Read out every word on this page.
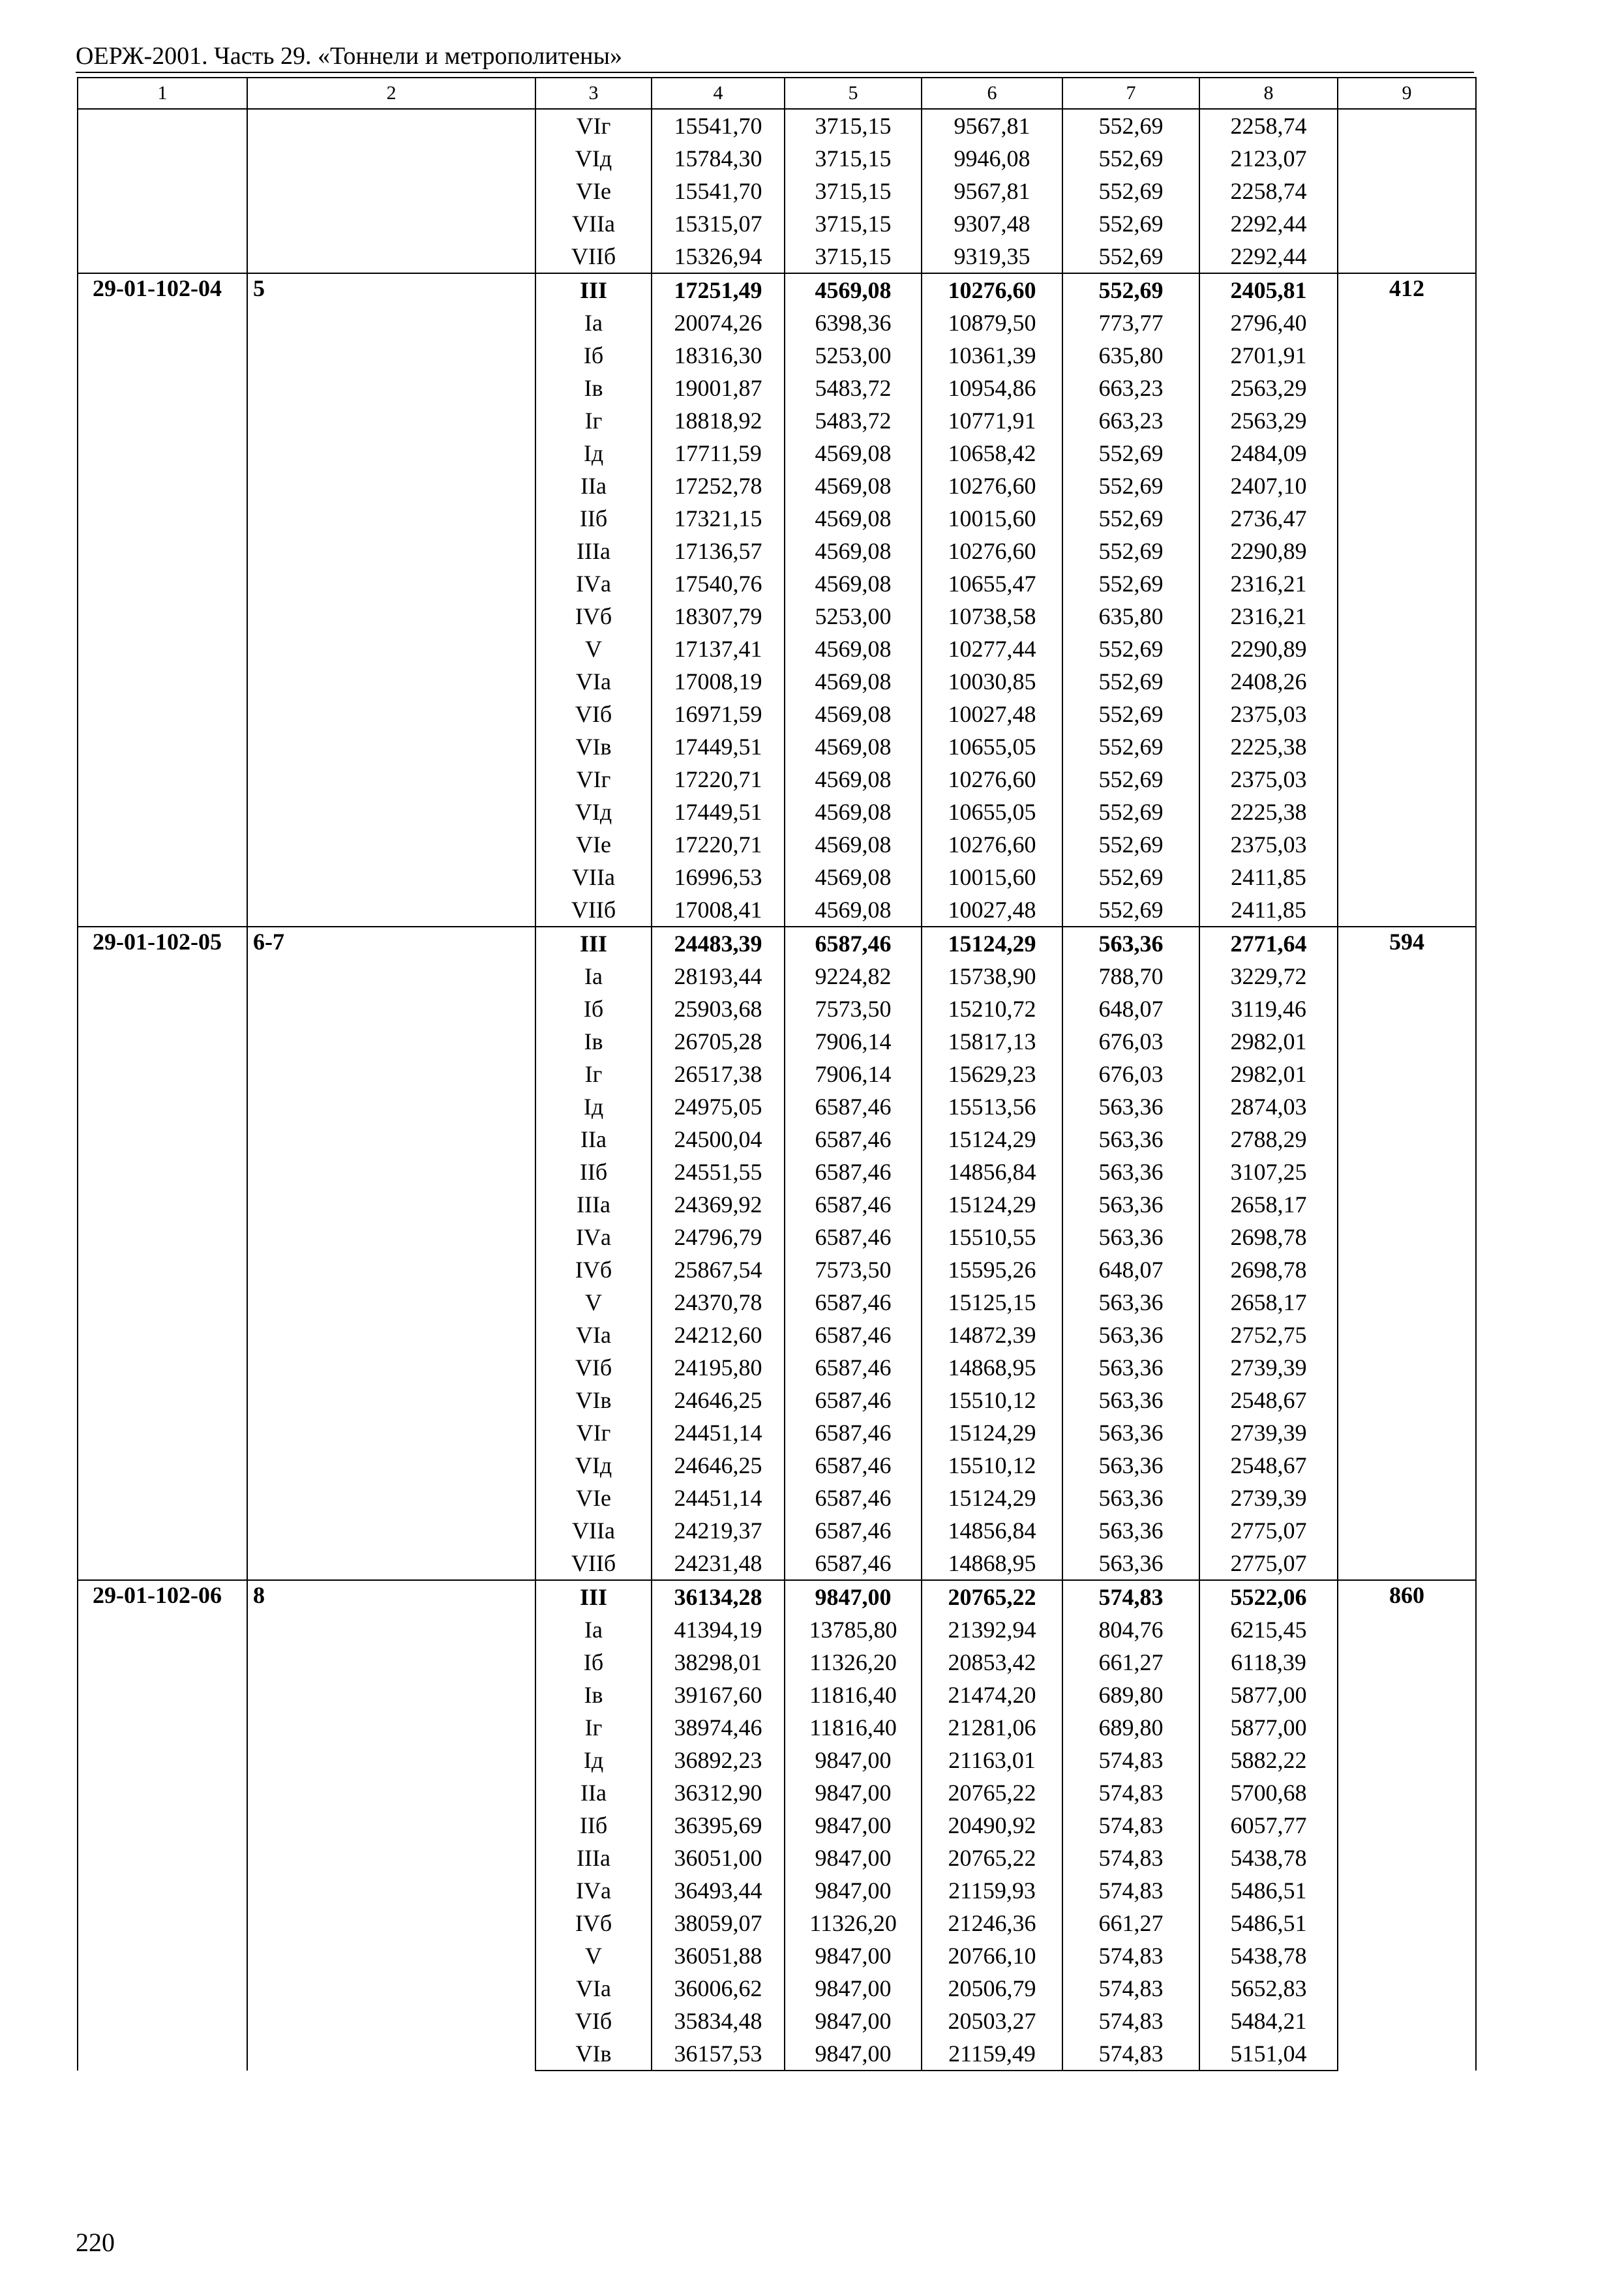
ОЕРЖ-2001. Часть 29. «Тоннели и метрополитены»
1	2	3	4	5	6	7	8	9
		VIг	15541,70	3715,15	9567,81	552,69	2258,74	
		VIд	15784,30	3715,15	9946,08	552,69	2123,07	
		VIе	15541,70	3715,15	9567,81	552,69	2258,74	
		VIIа	15315,07	3715,15	9307,48	552,69	2292,44	
		VIIб	15326,94	3715,15	9319,35	552,69	2292,44	
29-01-102-04	5	III	17251,49	4569,08	10276,60	552,69	2405,81	412
		Iа	20074,26	6398,36	10879,50	773,77	2796,40	
		Iб	18316,30	5253,00	10361,39	635,80	2701,91	
		Iв	19001,87	5483,72	10954,86	663,23	2563,29	
		Iг	18818,92	5483,72	10771,91	663,23	2563,29	
		Iд	17711,59	4569,08	10658,42	552,69	2484,09	
		IIа	17252,78	4569,08	10276,60	552,69	2407,10	
		IIб	17321,15	4569,08	10015,60	552,69	2736,47	
		IIIа	17136,57	4569,08	10276,60	552,69	2290,89	
		IVа	17540,76	4569,08	10655,47	552,69	2316,21	
		IVб	18307,79	5253,00	10738,58	635,80	2316,21	
		V	17137,41	4569,08	10277,44	552,69	2290,89	
		VIа	17008,19	4569,08	10030,85	552,69	2408,26	
		VIб	16971,59	4569,08	10027,48	552,69	2375,03	
		VIв	17449,51	4569,08	10655,05	552,69	2225,38	
		VIг	17220,71	4569,08	10276,60	552,69	2375,03	
		VIд	17449,51	4569,08	10655,05	552,69	2225,38	
		VIе	17220,71	4569,08	10276,60	552,69	2375,03	
		VIIа	16996,53	4569,08	10015,60	552,69	2411,85	
		VIIб	17008,41	4569,08	10027,48	552,69	2411,85	
29-01-102-05	6-7	III	24483,39	6587,46	15124,29	563,36	2771,64	594
		Iа	28193,44	9224,82	15738,90	788,70	3229,72	
		Iб	25903,68	7573,50	15210,72	648,07	3119,46	
		Iв	26705,28	7906,14	15817,13	676,03	2982,01	
		Iг	26517,38	7906,14	15629,23	676,03	2982,01	
		Iд	24975,05	6587,46	15513,56	563,36	2874,03	
		IIа	24500,04	6587,46	15124,29	563,36	2788,29	
		IIб	24551,55	6587,46	14856,84	563,36	3107,25	
		IIIа	24369,92	6587,46	15124,29	563,36	2658,17	
		IVа	24796,79	6587,46	15510,55	563,36	2698,78	
		IVб	25867,54	7573,50	15595,26	648,07	2698,78	
		V	24370,78	6587,46	15125,15	563,36	2658,17	
		VIа	24212,60	6587,46	14872,39	563,36	2752,75	
		VIб	24195,80	6587,46	14868,95	563,36	2739,39	
		VIв	24646,25	6587,46	15510,12	563,36	2548,67	
		VIг	24451,14	6587,46	15124,29	563,36	2739,39	
		VIд	24646,25	6587,46	15510,12	563,36	2548,67	
		VIе	24451,14	6587,46	15124,29	563,36	2739,39	
		VIIа	24219,37	6587,46	14856,84	563,36	2775,07	
		VIIб	24231,48	6587,46	14868,95	563,36	2775,07	
29-01-102-06	8	III	36134,28	9847,00	20765,22	574,83	5522,06	860
		Iа	41394,19	13785,80	21392,94	804,76	6215,45	
		Iб	38298,01	11326,20	20853,42	661,27	6118,39	
		Iв	39167,60	11816,40	21474,20	689,80	5877,00	
		Iг	38974,46	11816,40	21281,06	689,80	5877,00	
		Iд	36892,23	9847,00	21163,01	574,83	5882,22	
		IIа	36312,90	9847,00	20765,22	574,83	5700,68	
		IIб	36395,69	9847,00	20490,92	574,83	6057,77	
		IIIа	36051,00	9847,00	20765,22	574,83	5438,78	
		IVа	36493,44	9847,00	21159,93	574,83	5486,51	
		IVб	38059,07	11326,20	21246,36	661,27	5486,51	
		V	36051,88	9847,00	20766,10	574,83	5438,78	
		VIа	36006,62	9847,00	20506,79	574,83	5652,83	
		VIб	35834,48	9847,00	20503,27	574,83	5484,21	
		VIв	36157,53	9847,00	21159,49	574,83	5151,04	
220
